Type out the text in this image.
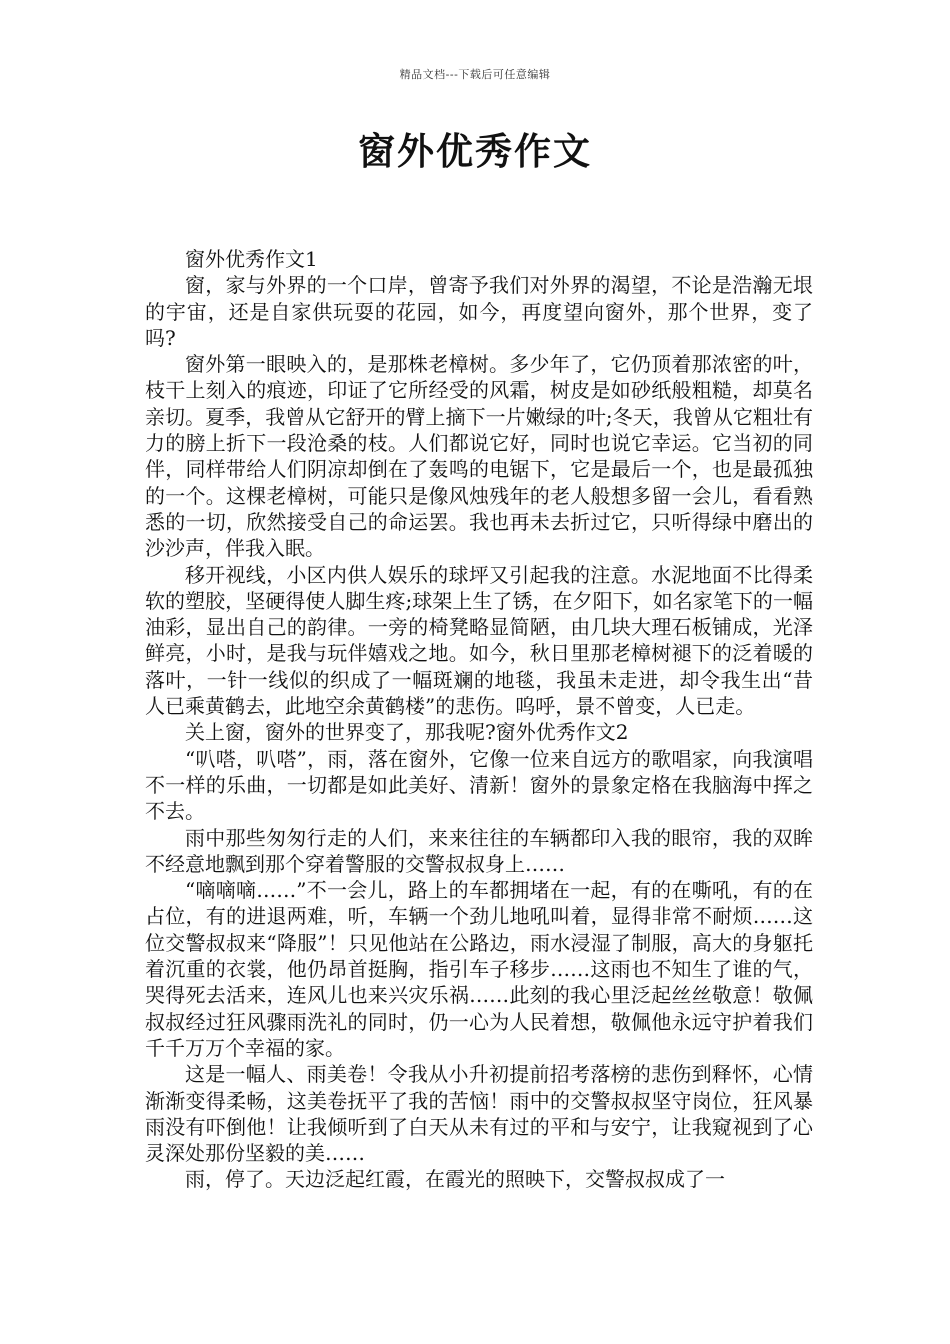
精品文档---下载后可任意编辑
窗外优秀作文

窗外优秀作文1

窗，家与外界的一个口岸，曾寄予我们对外界的渴望，不论是浩瀚无垠的宇宙，还是自家供玩耍的花园，如今，再度望向窗外，那个世界，变了吗?

窗外第一眼映入的，是那株老樟树。多少年了，它仍顶着那浓密的叶，枝干上刻入的痕迹，印证了它所经受的风霜，树皮是如砂纸般粗糙，却莫名亲切。夏季，我曾从它舒开的臂上摘下一片嫩绿的叶;冬天，我曾从它粗壮有力的膀上折下一段沧桑的枝。人们都说它好，同时也说它幸运。它当初的同伴，同样带给人们阴凉却倒在了轰鸣的电锯下，它是最后一个，也是最孤独的一个。这棵老樟树，可能只是像风烛残年的老人般想多留一会儿，看看熟悉的一切，欣然接受自己的命运罢。我也再未去折过它，只听得绿中磨出的沙沙声，伴我入眠。

移开视线，小区内供人娱乐的球坪又引起我的注意。水泥地面不比得柔软的塑胶，坚硬得使人脚生疼;球架上生了锈，在夕阳下，如名家笔下的一幅油彩，显出自己的韵律。一旁的椅凳略显简陋，由几块大理石板铺成，光泽鲜亮，小时，是我与玩伴嬉戏之地。如今，秋日里那老樟树褪下的泛着暖的落叶，一针一线似的织成了一幅斑斓的地毯，我虽未走进，却令我生出“昔人已乘黄鹤去，此地空余黄鹤楼”的悲伤。呜呼，景不曾变，人已走。

关上窗，窗外的世界变了，那我呢?窗外优秀作文2

“叭嗒，叭嗒”，雨，落在窗外，它像一位来自远方的歌唱家，向我演唱不一样的乐曲，一切都是如此美好、清新！窗外的景象定格在我脑海中挥之不去。

雨中那些匆匆行走的人们，来来往往的车辆都印入我的眼帘，我的双眸不经意地飘到那个穿着警服的交警叔叔身上……

“嘀嘀嘀……”不一会儿，路上的车都拥堵在一起，有的在嘶吼，有的在占位，有的进退两难，听，车辆一个劲儿地吼叫着，显得非常不耐烦……这位交警叔叔来“降服”！只见他站在公路边，雨水浸湿了制服，高大的身躯托着沉重的衣裳，他仍昂首挺胸，指引车子移步……这雨也不知生了谁的气，哭得死去活来，连风儿也来兴灾乐祸……此刻的我心里泛起丝丝敬意！敬佩叔叔经过狂风骤雨洗礼的同时，仍一心为人民着想，敬佩他永远守护着我们千千万万个幸福的家。

这是一幅人、雨美卷！令我从小升初提前招考落榜的悲伤到释怀，心情渐渐变得柔畅，这美卷抚平了我的苦恼！雨中的交警叔叔坚守岗位，狂风暴雨没有吓倒他！让我倾听到了白天从未有过的平和与安宁，让我窥视到了心灵深处那份坚毅的美……

雨，停了。天边泛起红霞，在霞光的照映下，交警叔叔成了一
